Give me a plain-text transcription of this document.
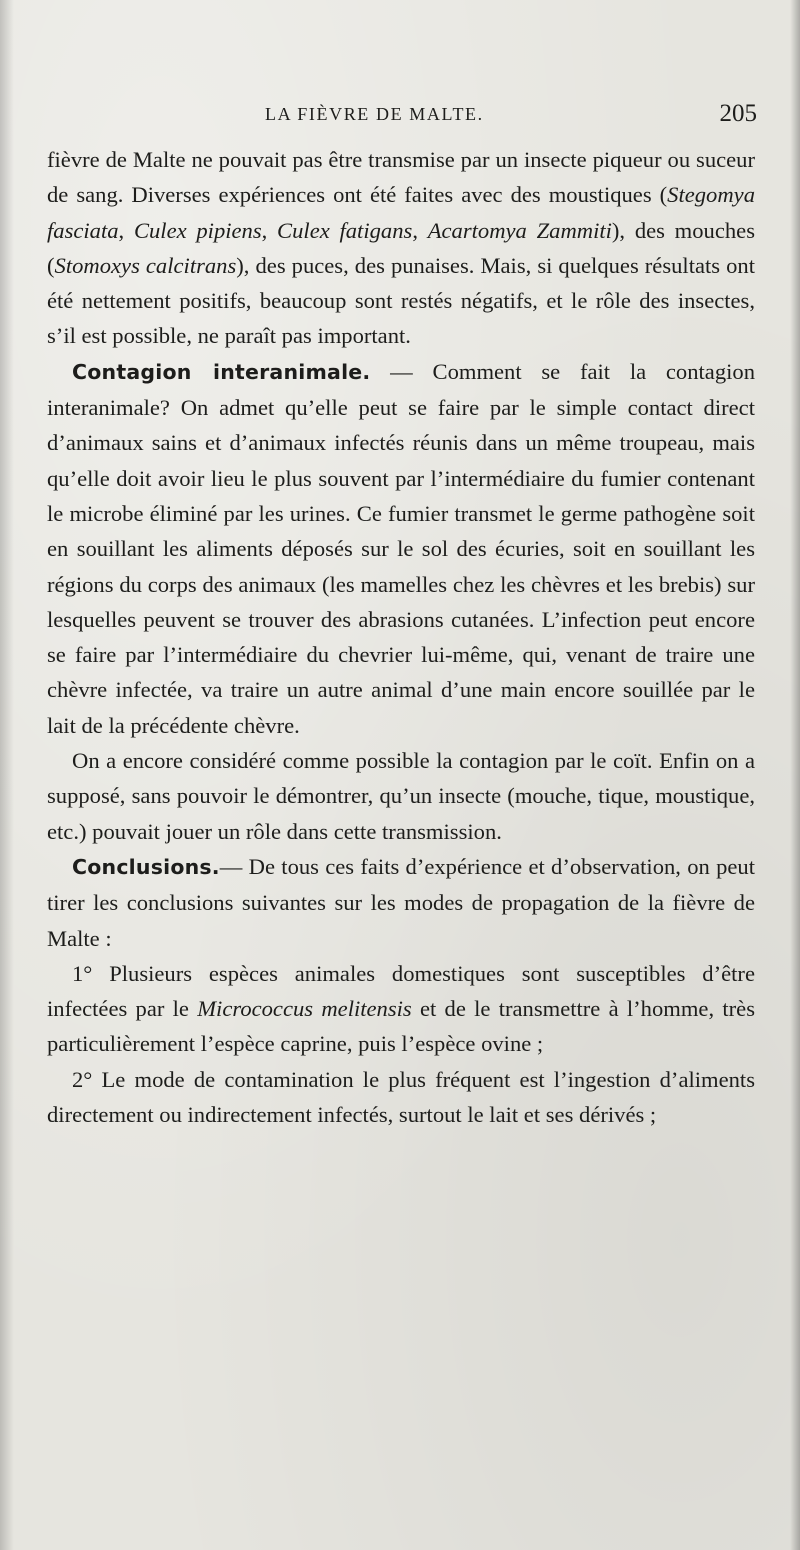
LA FIÈVRE DE MALTE.	205

fièvre de Malte ne pouvait pas être transmise par un insecte piqueur ou suceur de sang. Diverses expériences ont été faites avec des moustiques (Stegomya fasciata, Culex pipiens, Culex fatigans, Acartomya Zammiti), des mouches (Stomoxys calcitrans), des puces, des punaises. Mais, si quelques résultats ont été nettement positifs, beaucoup sont restés négatifs, et le rôle des insectes, s’il est possible, ne paraît pas important.

Contagion interanimale. — Comment se fait la contagion interanimale? On admet qu’elle peut se faire par le simple contact direct d’animaux sains et d’animaux infectés réunis dans un même troupeau, mais qu’elle doit avoir lieu le plus souvent par l’intermédiaire du fumier contenant le microbe éliminé par les urines. Ce fumier transmet le germe pathogène soit en souillant les aliments déposés sur le sol des écuries, soit en souillant les régions du corps des animaux (les mamelles chez les chèvres et les brebis) sur lesquelles peuvent se trouver des abrasions cutanées. L’infection peut encore se faire par l’intermédiaire du chevrier lui-même, qui, venant de traire une chèvre infectée, va traire un autre animal d’une main encore souillée par le lait de la précédente chèvre.

On a encore considéré comme possible la contagion par le coït. Enfin on a supposé, sans pouvoir le démontrer, qu’un insecte (mouche, tique, moustique, etc.) pouvait jouer un rôle dans cette transmission.

Conclusions.— De tous ces faits d’expérience et d’observation, on peut tirer les conclusions suivantes sur les modes de propagation de la fièvre de Malte :

1° Plusieurs espèces animales domestiques sont susceptibles d’être infectées par le Micrococcus melitensis et de le transmettre à l’homme, très particulièrement l’espèce caprine, puis l’espèce ovine ;

2° Le mode de contamination le plus fréquent est l’ingestion d’aliments directement ou indirectement infectés, surtout le lait et ses dérivés ;
